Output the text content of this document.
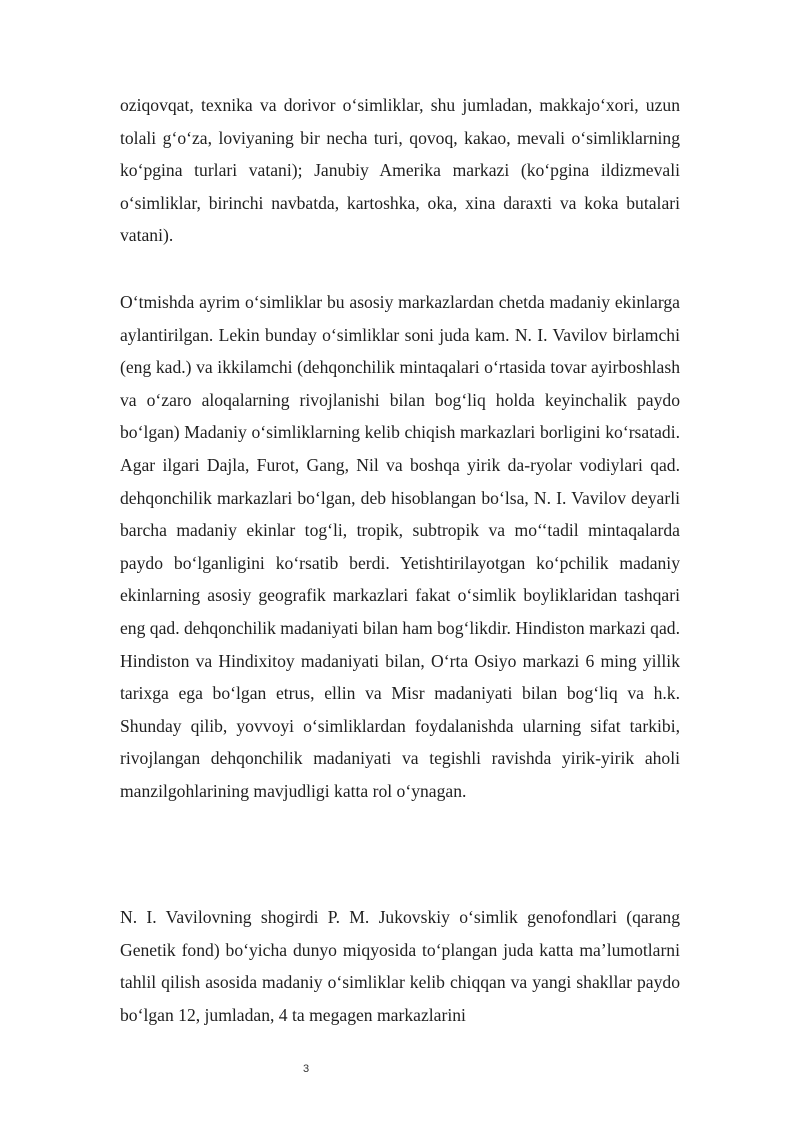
oziqovqat, texnika va dorivor o‘simliklar, shu jumladan, makkajo‘xori, uzun tolali g‘o‘za, loviyaning bir necha turi, qovoq, kakao, mevali o‘simliklarning ko‘pgina turlari vatani); Janubiy Amerika markazi (ko‘pgina ildizmevali o‘simliklar, birinchi navbatda, kartoshka, oka, xina daraxti va koka butalari vatani).

O‘tmishda ayrim o‘simliklar bu asosiy markazlardan chetda madaniy ekinlarga aylantirilgan. Lekin bunday o‘simliklar soni juda kam. N. I. Vavilov birlamchi (eng kad.) va ikkilamchi (dehqonchilik mintaqalari o‘rtasida tovar ayirboshlash va o‘zaro aloqalarning rivojlanishi bilan bog‘liq holda keyinchalik paydo bo‘lgan) Madaniy o‘simliklarning kelib chiqish markazlari borligini ko‘rsatadi. Agar ilgari Dajla, Furot, Gang, Nil va boshqa yirik da-ryolar vodiylari qad. dehqonchilik markazlari bo‘lgan, deb hisoblangan bo‘lsa, N. I. Vavilov deyarli barcha madaniy ekinlar tog‘li, tropik, subtropik va mo‘‘tadil mintaqalarda paydo bo‘lganligini ko‘rsatib berdi. Yetishtirilayotgan ko‘pchilik madaniy ekinlarning asosiy geografik markazlari fakat o‘simlik boyliklaridan tashqari eng qad. dehqonchilik madaniyati bilan ham bog‘likdir. Hindiston markazi qad. Hindiston va Hindixitoy madaniyati bilan, O‘rta Osiyo markazi 6 ming yillik tarixga ega bo‘lgan etrus, ellin va Misr madaniyati bilan bog‘liq va h.k. Shunday qilib, yovvoyi o‘simliklardan foydalanishda ularning sifat tarkibi, rivojlangan dehqonchilik madaniyati va tegishli ravishda yirik-yirik aholi manzilgohlarining mavjudligi katta rol o‘ynagan.

N. I. Vavilovning shogirdi P. M. Jukovskiy o‘simlik genofondlari (qarang Genetik fond) bo‘yicha dunyo miqyosida to‘plangan juda katta ma’lumotlarni tahlil qilish asosida madaniy o‘simliklar kelib chiqqan va yangi shakllar paydo bo‘lgan 12, jumladan, 4 ta megagen markazlarini

3
